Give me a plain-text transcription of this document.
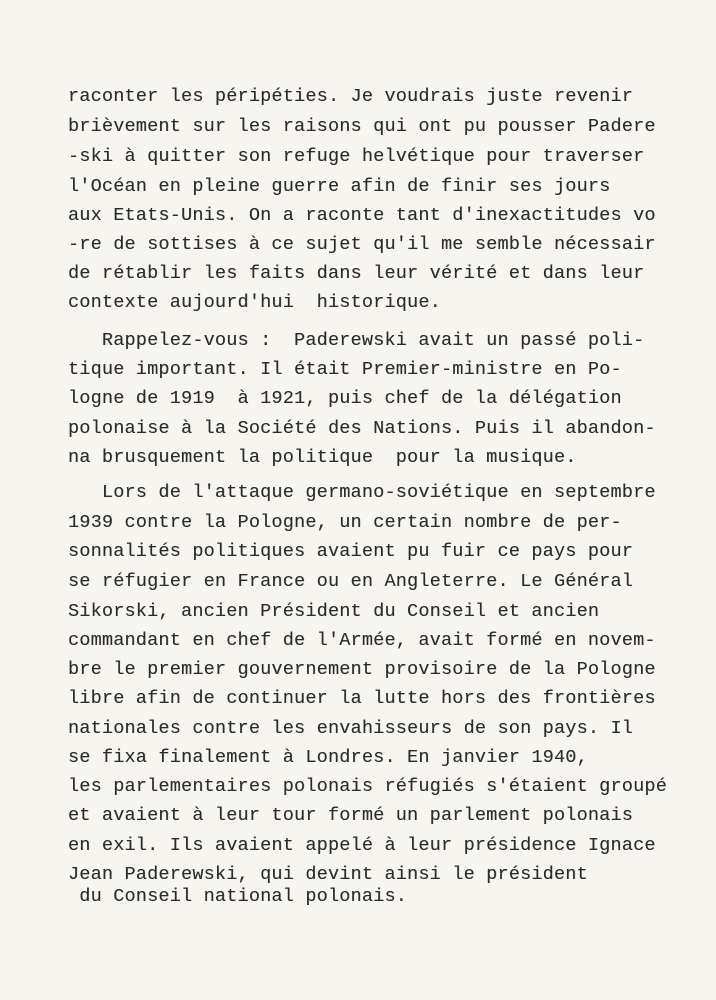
raconter les péripéties. Je voudrais juste revenir
brièvement sur les raisons qui ont pu pousser Padere
-ski à quitter son refuge helvétique pour traverser
l'Océan en pleine guerre afin de finir ses jours
aux Etats-Unis. On a raconte tant d'inexactitudes vo
-re de sottises à ce sujet qu'il me semble nécessair
de rétablir les faits dans leur vérité et dans leur
contexte aujourd'hui  historique.
Rappelez-vous :  Paderewski avait un passé poli-
tique important. Il était Premier-ministre en Po-
logne de 1919  à 1921, puis chef de la délégation
polonaise à la Société des Nations. Puis il abandon-
na brusquement la politique  pour la musique.
Lors de l'attaque germano-soviétique en septembre
1939 contre la Pologne, un certain nombre de per-
sonnalités politiques avaient pu fuir ce pays pour
se réfugier en France ou en Angleterre. Le Général
Sikorski, ancien Président du Conseil et ancien
commandant en chef de l'Armée, avait formé en novem-
bre le premier gouvernement provisoire de la Pologne
libre afin de continuer la lutte hors des frontières
nationales contre les envahisseurs de son pays. Il
se fixa finalement à Londres. En janvier 1940,
les parlementaires polonais réfugiés s'étaient groupé
et avaient à leur tour formé un parlement polonais
en exil. Ils avaient appelé à leur présidence Ignace
Jean Paderewski, qui devint ainsi le président
du Conseil national polonais.
